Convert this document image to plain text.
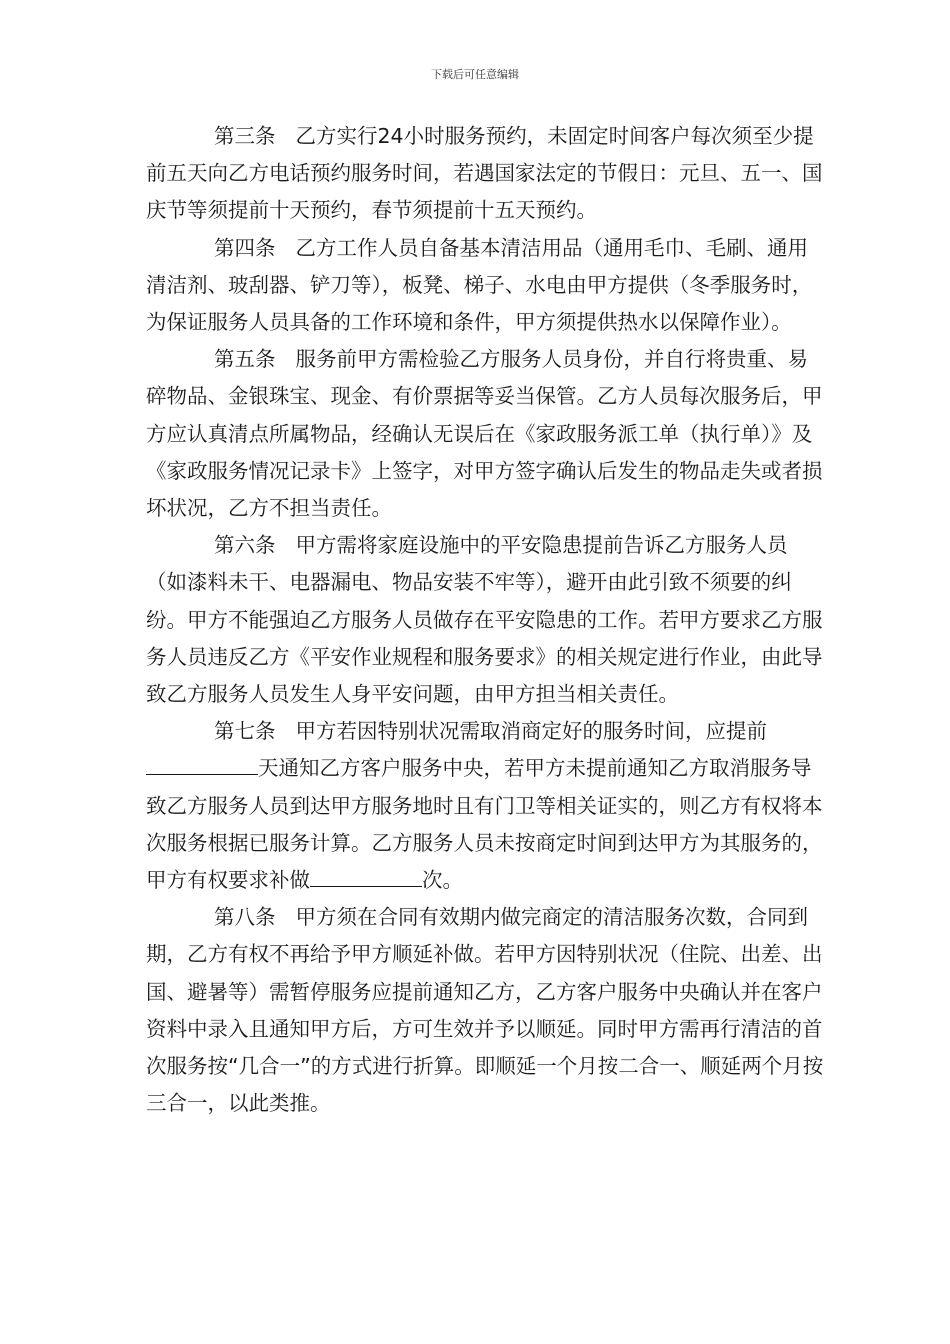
下载后可任意编辑

第三条 乙方实行24小时服务预约，未固定时间客户每次须至少提前五天向乙方电话预约服务时间，若遇国家法定的节假日：元旦、五一、国庆节等须提前十天预约，春节须提前十五天预约。

第四条 乙方工作人员自备基本清洁用品（通用毛巾、毛刷、通用清洁剂、玻刮器、铲刀等），板凳、梯子、水电由甲方提供（冬季服务时，为保证服务人员具备的工作环境和条件，甲方须提供热水以保障作业）。

第五条 服务前甲方需检验乙方服务人员身份，并自行将贵重、易碎物品、金银珠宝、现金、有价票据等妥当保管。乙方人员每次服务后，甲方应认真清点所属物品，经确认无误后在《家政服务派工单（执行单）》及《家政服务情况记录卡》上签字，对甲方签字确认后发生的物品走失或者损坏状况，乙方不担当责任。

第六条 甲方需将家庭设施中的平安隐患提前告诉乙方服务人员（如漆料未干、电器漏电、物品安装不牢等），避开由此引致不须要的纠纷。甲方不能强迫乙方服务人员做存在平安隐患的工作。若甲方要求乙方服务人员违反乙方《平安作业规程和服务要求》的相关规定进行作业，由此导致乙方服务人员发生人身平安问题，由甲方担当相关责任。

第七条 甲方若因特别状况需取消商定好的服务时间，应提前天通知乙方客户服务中央，若甲方未提前通知乙方取消服务导致乙方服务人员到达甲方服务地时且有门卫等相关证实的，则乙方有权将本次服务根据已服务计算。乙方服务人员未按商定时间到达甲方为其服务的，甲方有权要求补做	次。

第八条 甲方须在合同有效期内做完商定的清洁服务次数，合同到期，乙方有权不再给予甲方顺延补做。若甲方因特别状况（住院、出差、出国、避暑等）需暂停服务应提前通知乙方，乙方客户服务中央确认并在客户资料中录入且通知甲方后，方可生效并予以顺延。同时甲方需再行清洁的首次服务按“几合一”的方式进行折算。即顺延一个月按二合一、顺延两个月按三合一，以此类推。
